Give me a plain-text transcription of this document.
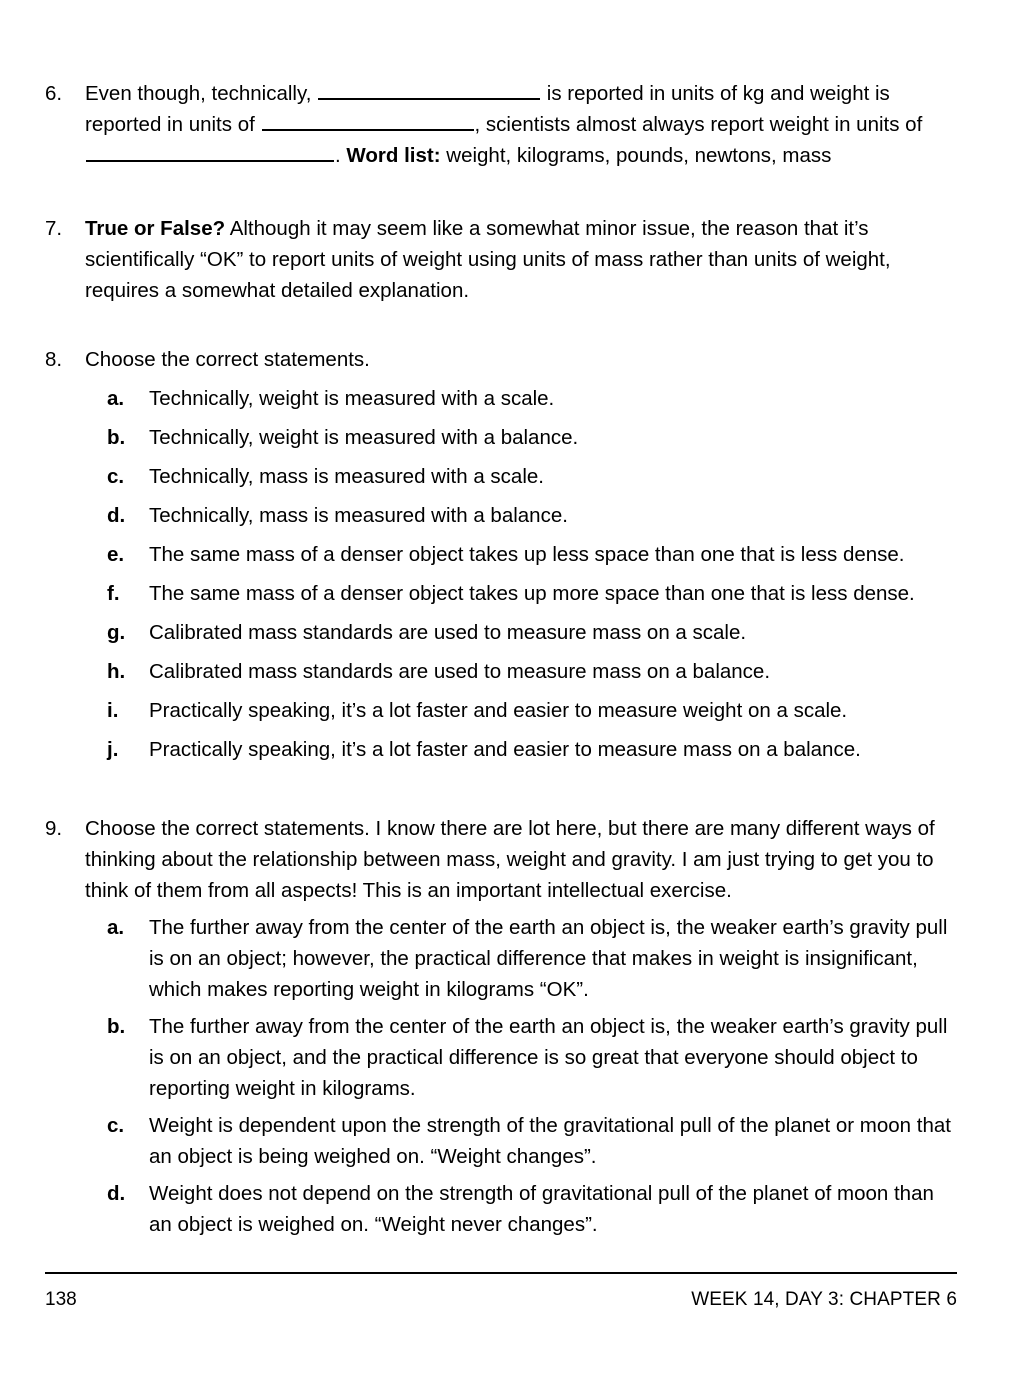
6.	Even though, technically,	is reported in units of kg and weight is reported in units of	, scientists almost always report weight in units of . Word list: weight, kilograms, pounds, newtons, mass
7.	True or False? Although it may seem like a somewhat minor issue, the reason that it’s scientifically “OK” to report units of weight using units of mass rather than units of weight, requires a somewhat detailed explanation.
8.	Choose the correct statements.
a.	Technically, weight is measured with a scale.
b.	Technically, weight is measured with a balance.
c.	Technically, mass is measured with a scale.
d.	Technically, mass is measured with a balance.
e.	The same mass of a denser object takes up less space than one that is less dense.
f.	The same mass of a denser object takes up more space than one that is less dense.
g.	Calibrated mass standards are used to measure mass on a scale.
h.	Calibrated mass standards are used to measure mass on a balance.
i.	Practically speaking, it’s a lot faster and easier to measure weight on a scale.
j.	Practically speaking, it’s a lot faster and easier to measure mass on a balance.
9.	Choose the correct statements. I know there are lot here, but there are many different ways of thinking about the relationship between mass, weight and gravity. I am just trying to get you to think of them from all aspects! This is an important intellectual exercise.
a.	The further away from the center of the earth an object is, the weaker earth’s gravity pull is on an object; however, the practical difference that makes in weight is insignificant, which makes reporting weight in kilograms “OK”.
b.	The further away from the center of the earth an object is, the weaker earth’s gravity pull is on an object, and the practical difference is so great that everyone should object to reporting weight in kilograms.
c.	Weight is dependent upon the strength of the gravitational pull of the planet or moon that an object is being weighed on. “Weight changes”.
d.	Weight does not depend on the strength of gravitational pull of the planet of moon than an object is weighed on. “Weight never changes”.
138	WEEK 14, DAY 3: CHAPTER 6
